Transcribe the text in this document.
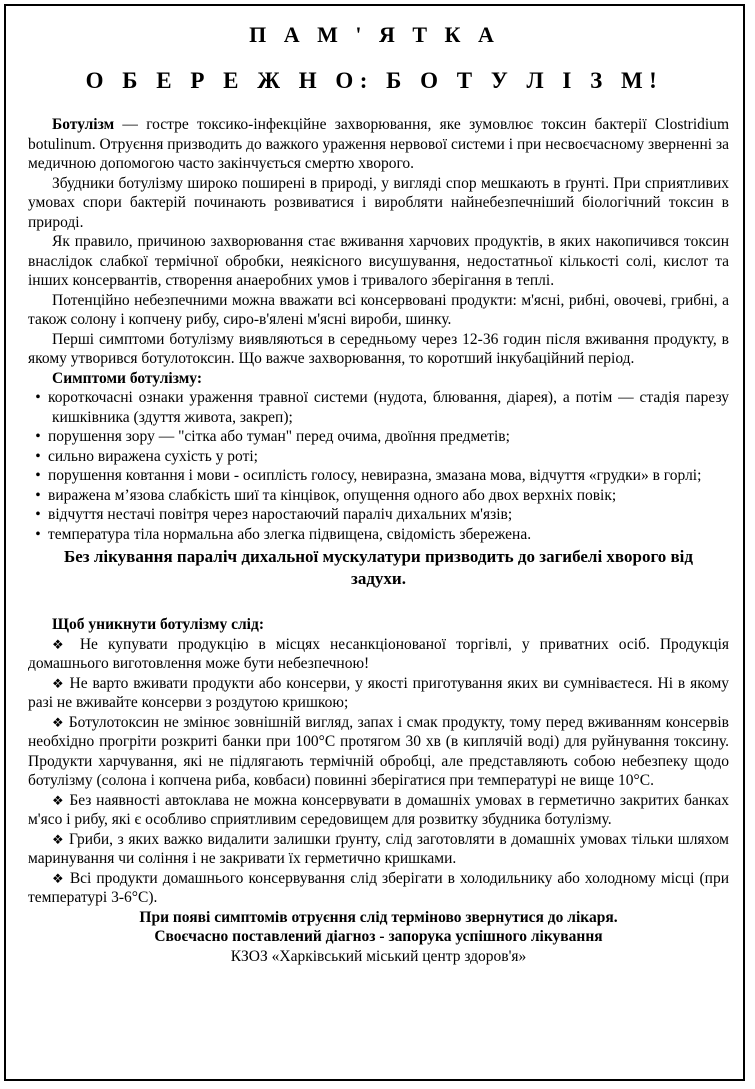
П А М ' Я Т К А
О Б Е Р Е Ж Н О: Б О Т У Л І З М!

Ботулізм — гостре токсико-інфекційне захворювання, яке зумовлює токсин бактерії Clostridium botulinum. Отруєння призводить до важкого ураження нервової системи і при несвоєчасному зверненні за медичною допомогою часто закінчується смертю хворого.

Збудники ботулізму широко поширені в природі, у вигляді спор мешкають в ґрунті. При сприятливих умовах спори бактерій починають розвиватися і виробляти найнебезпечніший біологічний токсин в природі.

Як правило, причиною захворювання стає вживання харчових продуктів, в яких накопичився токсин внаслідок слабкої термічної обробки, неякісного висушування, недостатньої кількості солі, кислот та інших консервантів, створення анаеробних умов і тривалого зберігання в теплі.

Потенційно небезпечними можна вважати всі консервовані продукти: м'ясні, рибні, овочеві, грибні, а також солону і копчену рибу, сиро-в'ялені м'ясні вироби, шинку.

Перші симптоми ботулізму виявляються в середньому через 12-36 годин після вживання продукту, в якому утворився ботулотоксин. Що важче захворювання, то коротший інкубаційний період.

Симптоми ботулізму:

• короткочасні ознаки ураження травної системи (нудота, блювання, діарея), а потім — стадія парезу кишківника (здуття живота, закреп);

• порушення зору — "сітка або туман" перед очима, двоїння предметів;

• сильно виражена сухість у роті;

• порушення ковтання і мови - осиплість голосу, невиразна, змазана мова, відчуття «грудки» в горлі;

• виражена м’язова слабкість шиї та кінцівок, опущення одного або двох верхніх повік;

• відчуття нестачі повітря через наростаючий параліч дихальних м'язів;

• температура тіла нормальна або злегка підвищена, свідомість збережена.

Без лікування параліч дихальної мускулатури призводить до загибелі хворого від задухи.

Щоб уникнути ботулізму слід:

❖ Не купувати продукцію в місцях несанкціонованої торгівлі, у приватних осіб. Продукція домашнього виготовлення може бути небезпечною!

❖ Не варто вживати продукти або консерви, у якості приготування яких ви сумніваєтеся. Ні в якому разі не вживайте консерви з роздутою кришкою;

❖ Ботулотоксин не змінює зовнішній вигляд, запах і смак продукту, тому перед вживанням консервів необхідно прогріти розкриті банки при 100°С протягом 30 хв (в киплячій воді) для руйнування токсину. Продукти харчування, які не підлягають термічній обробці, але представляють собою небезпеку щодо ботулізму (солона і копчена риба, ковбаси) повинні зберігатися при температурі не вище 10°С.

❖ Без наявності автоклава не можна консервувати в домашніх умовах в герметично закритих банках м'ясо і рибу, які є особливо сприятливим середовищем для розвитку збудника ботулізму.

❖ Гриби, з яких важко видалити залишки ґрунту, слід заготовляти в домашніх умовах тільки шляхом маринування чи соління і не закривати їх герметично кришками.

❖ Всі продукти домашнього консервування слід зберігати в холодильнику або холодному місці (при температурі 3-6°С).

При появі симптомів отруєння слід терміново звернутися до лікаря.

Своєчасно поставлений діагноз - запорука успішного лікування

КЗОЗ «Харківський міський центр здоров'я»
